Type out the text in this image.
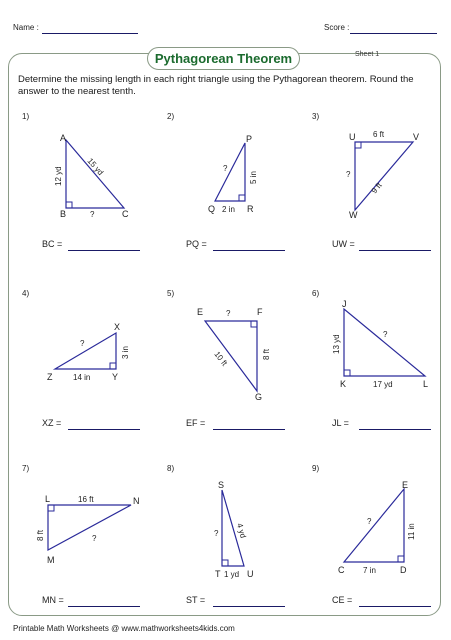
Name :	Score :
Pythagorean Theorem	Sheet 1
Determine the missing length in each right triangle using the Pythagorean theorem. Round the answer to the nearest tenth.
1)	2)	3)
4)	5)	6)
7)	8)	9)
A
B	C
12 yd	15 yd
?
P
Q	R
?
5 in
2 in
U	V
W
6 ft
?
9 ft
X
Y
Z
?
3 in
14 in
E	F
G
?
10 ft	8 ft
J
K	L
13 yd	?
17 yd
L	N
M
16 ft
8 ft	?
S
T	U
? 4 yd
1 yd
E
C	D
?
11 in
7 in
BC =	PQ =	UW =
XZ =	EF =	JL =
MN =	ST =	CE =
Printable Math Worksheets @ www.mathworksheets4kids.com
